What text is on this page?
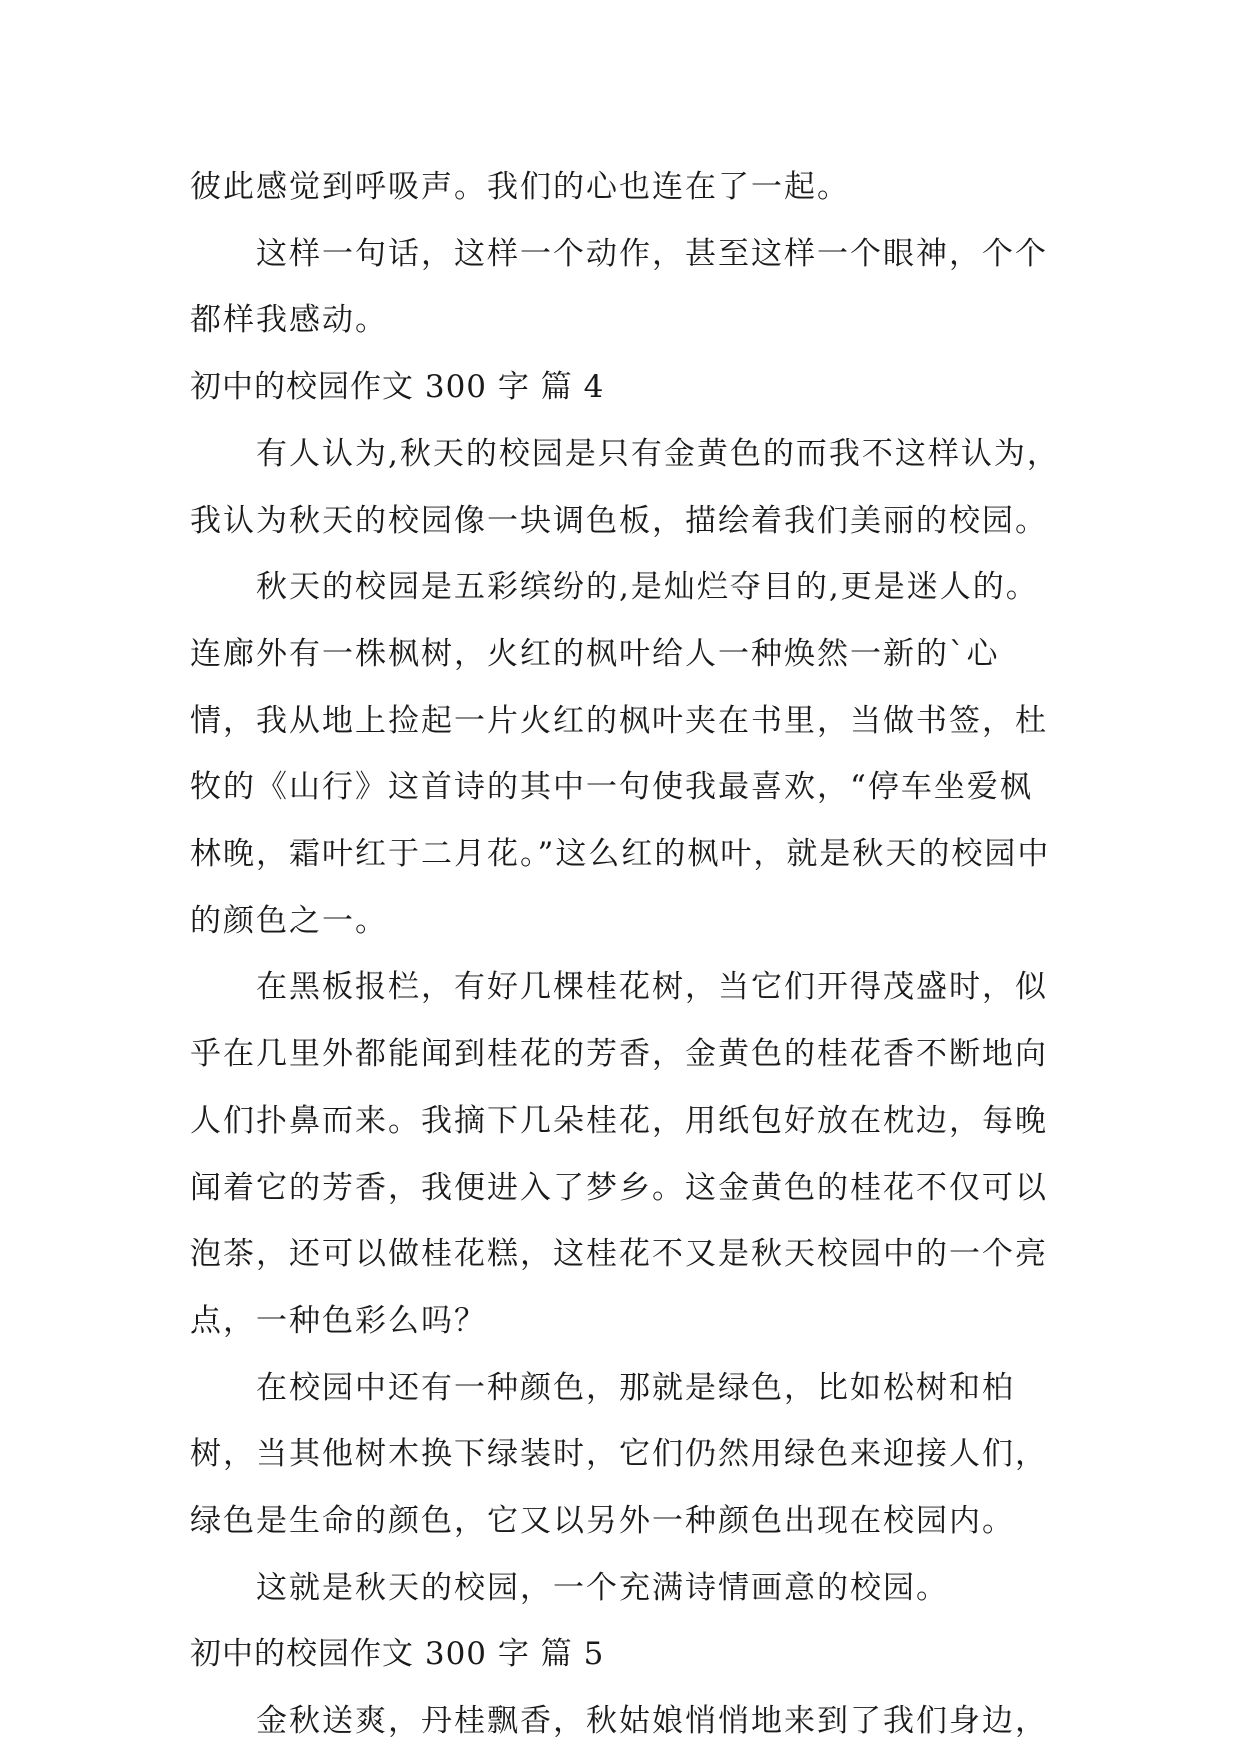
彼此感觉到呼吸声。我们的心也连在了一起。

这样一句话，这样一个动作，甚至这样一个眼神，个个都样我感动。

初中的校园作文 300 字 篇 4

有人认为,秋天的校园是只有金黄色的而我不这样认为，我认为秋天的校园像一块调色板，描绘着我们美丽的校园。

秋天的校园是五彩缤纷的,是灿烂夺目的,更是迷人的。连廊外有一株枫树，火红的枫叶给人一种焕然一新的`心情，我从地上捡起一片火红的枫叶夹在书里，当做书签，杜牧的《山行》这首诗的其中一句使我最喜欢，“停车坐爱枫林晚，霜叶红于二月花。”这么红的枫叶，就是秋天的校园中的颜色之一。

在黑板报栏，有好几棵桂花树，当它们开得茂盛时，似乎在几里外都能闻到桂花的芳香，金黄色的桂花香不断地向人们扑鼻而来。我摘下几朵桂花，用纸包好放在枕边，每晚闻着它的芳香，我便进入了梦乡。这金黄色的桂花不仅可以泡茶，还可以做桂花糕，这桂花不又是秋天校园中的一个亮点，一种色彩么吗？

在校园中还有一种颜色，那就是绿色，比如松树和柏树，当其他树木换下绿装时，它们仍然用绿色来迎接人们，绿色是生命的颜色，它又以另外一种颜色出现在校园内。

这就是秋天的校园，一个充满诗情画意的校园。

初中的校园作文 300 字 篇 5

金秋送爽，丹桂飘香，秋姑娘悄悄地来到了我们身边，
